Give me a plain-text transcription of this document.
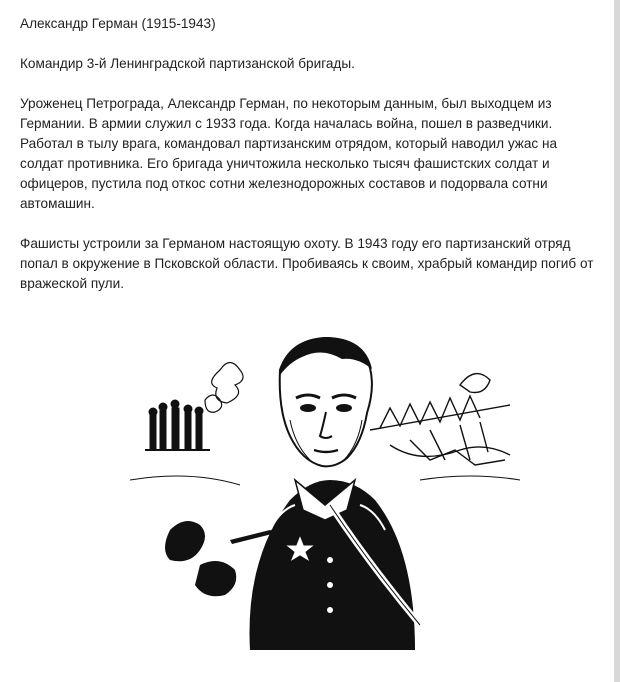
Александр Герман (1915-1943)

Командир 3-й Ленинградской партизанской бригады.

Уроженец Петрограда, Александр Герман, по некоторым данным, был выходцем из Германии. В армии служил с 1933 года. Когда началась война, пошел в разведчики. Работал в тылу врага, командовал партизанским отрядом, который наводил ужас на солдат противника. Его бригада уничтожила несколько тысяч фашистских солдат и офицеров, пустила под откос сотни железнодорожных составов и подорвала сотни автомашин.

Фашисты устроили за Германом настоящую охоту. В 1943 году его партизанский отряд попал в окружение в Псковской области. Пробиваясь к своим, храбрый командир погиб от вражеской пули.
